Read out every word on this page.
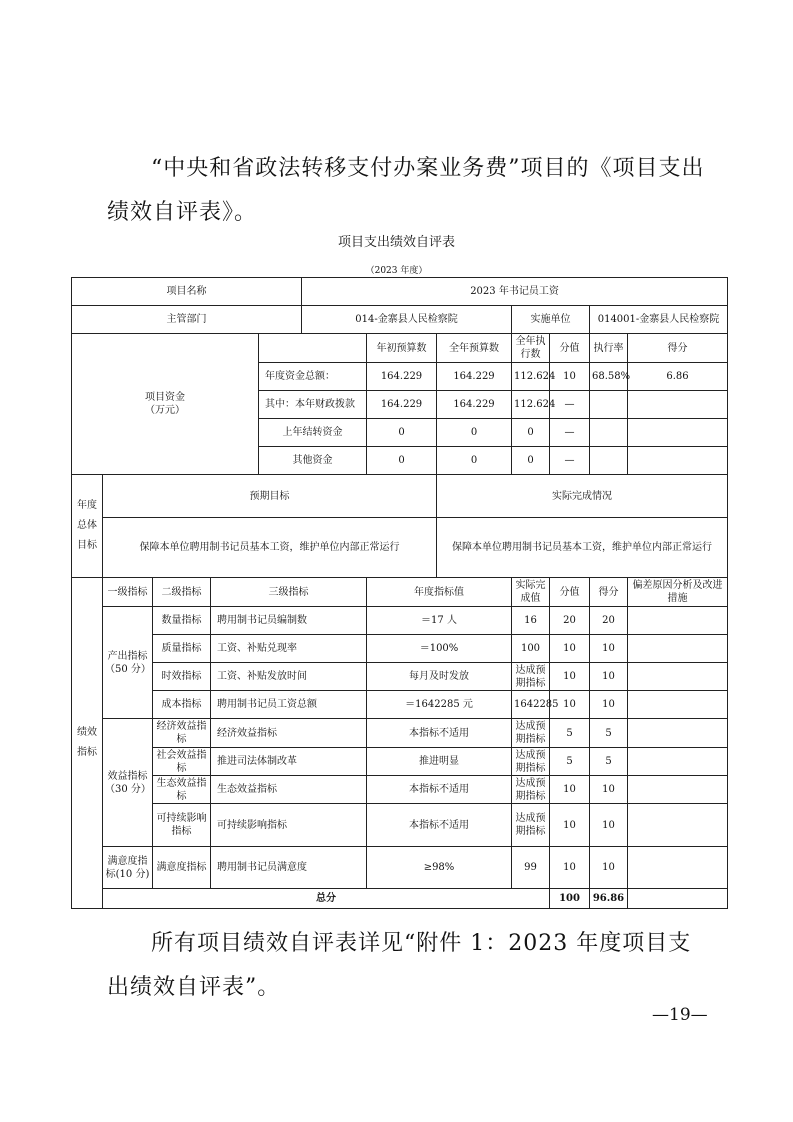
“中央和省政法转移支付办案业务费”项目的《项目支出绩效自评表》。
项目支出绩效自评表
（2023 年度）
项目名称					2023 年书记员工资						
主管部门					014-金寨县人民检察院			实施单位		014001-金寨县人民检察院	

项目资金
（万元）						年初预算数	全年预算数	全年执行数	分值	执行率	得分
				年度资金总额：		164.229	164.229	112.624	10	68.58%	6.86
				其中：本年财政拨款		164.229	164.229	112.624	—		
				上年结转资金		0	0	0	—		
				其他资金		0	0	0	—		
年度总体目标	预期目标						实际完成情况				
	保障本单位聘用制书记员基本工资，维护单位内部正常运行						保障本单位聘用制书记员基本工资，维护单位内部正常运行				
绩效指标	一级指标	二级指标	三级指标			年度指标值		实际完成值	分值	得分	偏差原因分析及改进措施
	产出指标（50 分）	数量指标	聘用制书记员编制数			＝17 人		16	20	20	
		质量指标	工资、补贴兑现率			＝100%		100	10	10	
		时效指标	工资、补贴发放时间			每月及时发放		达成预期指标	10	10	
		成本指标	聘用制书记员工资总额			＝1642285 元		1642285	10	10	
	效益指标（30 分）	经济效益指标	经济效益指标			本指标不适用		达成预期指标	5	5	
		社会效益指标	推进司法体制改革			推进明显		达成预期指标	5	5	
		生态效益指标	生态效益指标			本指标不适用		达成预期指标	10	10	
		可持续影响指标	可持续影响指标			本指标不适用		达成预期指标	10	10	
	满意度指标(10 分)	满意度指标	聘用制书记员满意度			≥98%		99	10	10	
	总分								100	96.86	
所有项目绩效自评表详见“附件 1：2023 年度项目支出绩效自评表”。
—19—
